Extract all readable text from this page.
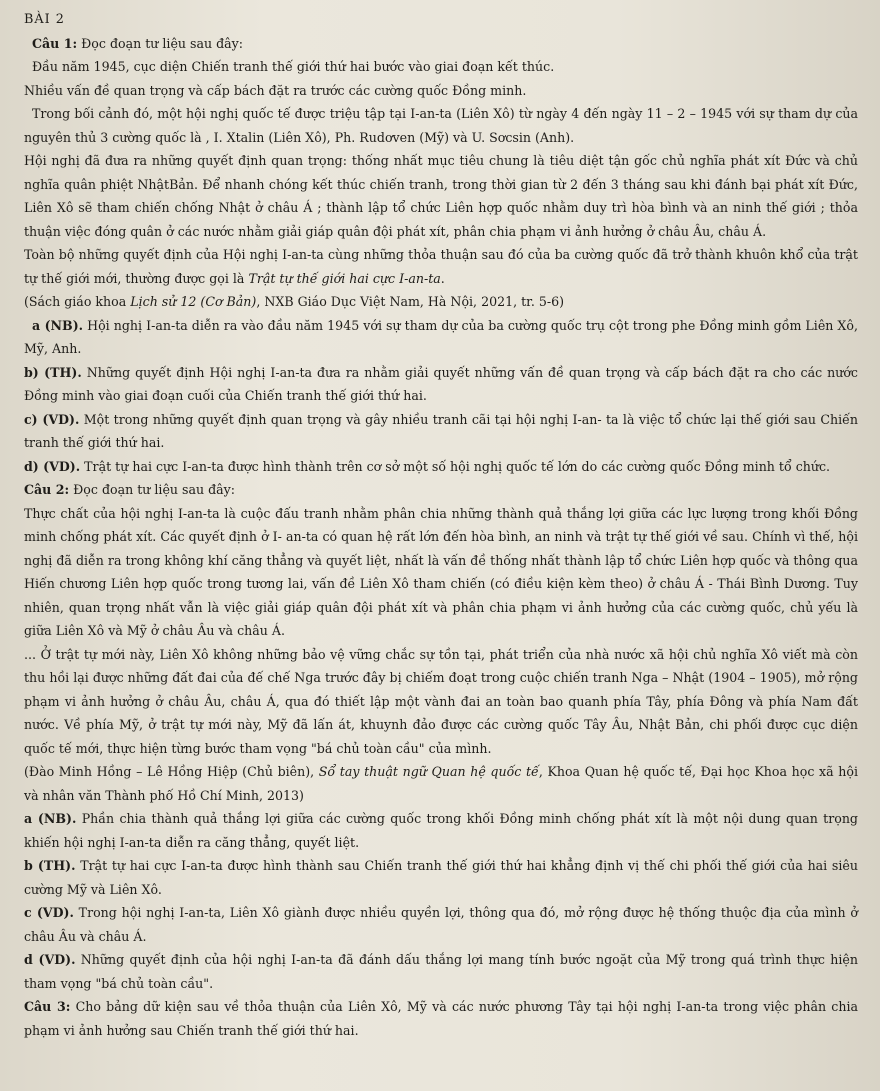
BÀI 2
Câu 1: Đọc đoạn tư liệu sau đây:
Đầu năm 1945, cục diện Chiến tranh thế giới thứ hai bước vào giai đoạn kết thúc.
Nhiều vấn đề quan trọng và cấp bách đặt ra trước các cường quốc Đồng minh.
Trong bối cảnh đó, một hội nghị quốc tế được triệu tập tại I-an-ta (Liên Xô) từ ngày 4 đến ngày 11 – 2 – 1945 với sự tham dự của nguyên thủ 3 cường quốc là , I. Xtalin (Liên Xô), Ph. Rudơven (Mỹ) và U. Sơcsin (Anh).
Hội nghị đã đưa ra những quyết định quan trọng: thống nhất mục tiêu chung là tiêu diệt tận gốc chủ nghĩa phát xít Đức và chủ nghĩa quân phiệt NhậtBản. Để nhanh chóng kết thúc chiến tranh, trong thời gian từ 2 đến 3 tháng sau khi đánh bại phát xít Đức, Liên Xô sẽ tham chiến chống Nhật ở châu Á ; thành lập tổ chức Liên hợp quốc nhằm duy trì hòa bình và an ninh thế giới ; thỏa thuận việc đóng quân ở các nước nhằm giải giáp quân đội phát xít, phân chia phạm vi ảnh hưởng ở châu Âu, châu Á.
Toàn bộ những quyết định của Hội nghị I-an-ta cùng những thỏa thuận sau đó của ba cường quốc đã trở thành khuôn khổ của trật tự thế giới mới, thường được gọi là Trật tự thế giới hai cực I-an-ta.
(Sách giáo khoa Lịch sử 12 (Cơ Bản), NXB Giáo Dục Việt Nam, Hà Nội, 2021, tr. 5-6)
a (NB). Hội nghị I-an-ta diễn ra vào đầu năm 1945 với sự tham dự của ba cường quốc trụ cột trong phe Đồng minh gồm Liên Xô, Mỹ, Anh.
b) (TH). Những quyết định Hội nghị I-an-ta đưa ra nhằm giải quyết những vấn đề quan trọng và cấp bách đặt ra cho các nước Đồng minh vào giai đoạn cuối của Chiến tranh thế giới thứ hai.
c) (VD). Một trong những quyết định quan trọng và gây nhiều tranh cãi tại hội nghị I-an- ta là việc tổ chức lại thế giới sau Chiến tranh thế giới thứ hai.
d) (VD). Trật tự hai cực I-an-ta được hình thành trên cơ sở một số hội nghị quốc tế lớn do các cường quốc Đồng minh tổ chức.
Câu 2: Đọc đoạn tư liệu sau đây:
Thực chất của hội nghị I-an-ta là cuộc đấu tranh nhằm phân chia những thành quả thắng lợi giữa các lực lượng trong khối Đồng minh chống phát xít. Các quyết định ở I- an-ta có quan hệ rất lớn đến hòa bình, an ninh và trật tự thế giới về sau. Chính vì thế, hội nghị đã diễn ra trong không khí căng thẳng và quyết liệt, nhất là vấn đề thống nhất thành lập tổ chức Liên hợp quốc và thông qua Hiến chương Liên hợp quốc trong tương lai, vấn đề Liên Xô tham chiến (có điều kiện kèm theo) ở châu Á - Thái Bình Dương. Tuy nhiên, quan trọng nhất vẫn là việc giải giáp quân đội phát xít và phân chia phạm vi ảnh hưởng của các cường quốc, chủ yếu là giữa Liên Xô và Mỹ ở châu Âu và châu Á.
... Ở trật tự mới này, Liên Xô không những bảo vệ vững chắc sự tồn tại, phát triển của nhà nước xã hội chủ nghĩa Xô viết mà còn thu hồi lại được những đất đai của đế chế Nga trước đây bị chiếm đoạt trong cuộc chiến tranh Nga – Nhật (1904 – 1905), mở rộng phạm vi ảnh hưởng ở châu Âu, châu Á, qua đó thiết lập một vành đai an toàn bao quanh phía Tây, phía Đông và phía Nam đất nước. Về phía Mỹ, ở trật tự mới này, Mỹ đã lấn át, khuynh đảo được các cường quốc Tây Âu, Nhật Bản, chi phối được cục diện quốc tế mới, thực hiện từng bước tham vọng "bá chủ toàn cầu" của mình.
(Đào Minh Hồng – Lê Hồng Hiệp (Chủ biên), Sổ tay thuật ngữ Quan hệ quốc tế, Khoa Quan hệ quốc tế, Đại học Khoa học xã hội và nhân văn Thành phố Hồ Chí Minh, 2013)
a (NB). Phần chia thành quả thắng lợi giữa các cường quốc trong khối Đồng minh chống phát xít là một nội dung quan trọng khiến hội nghị I-an-ta diễn ra căng thẳng, quyết liệt.
b (TH). Trật tự hai cực I-an-ta được hình thành sau Chiến tranh thế giới thứ hai khẳng định vị thế chi phối thế giới của hai siêu cường Mỹ và Liên Xô.
c (VD). Trong hội nghị I-an-ta, Liên Xô giành được nhiều quyền lợi, thông qua đó, mở rộng được hệ thống thuộc địa của mình ở châu Âu và châu Á.
d (VD). Những quyết định của hội nghị I-an-ta đã đánh dấu thắng lợi mang tính bước ngoặt của Mỹ trong quá trình thực hiện tham vọng "bá chủ toàn cầu".
Câu 3: Cho bảng dữ kiện sau về thỏa thuận của Liên Xô, Mỹ và các nước phương Tây tại hội nghị I-an-ta trong việc phân chia phạm vi ảnh hưởng sau Chiến tranh thế giới thứ hai.
